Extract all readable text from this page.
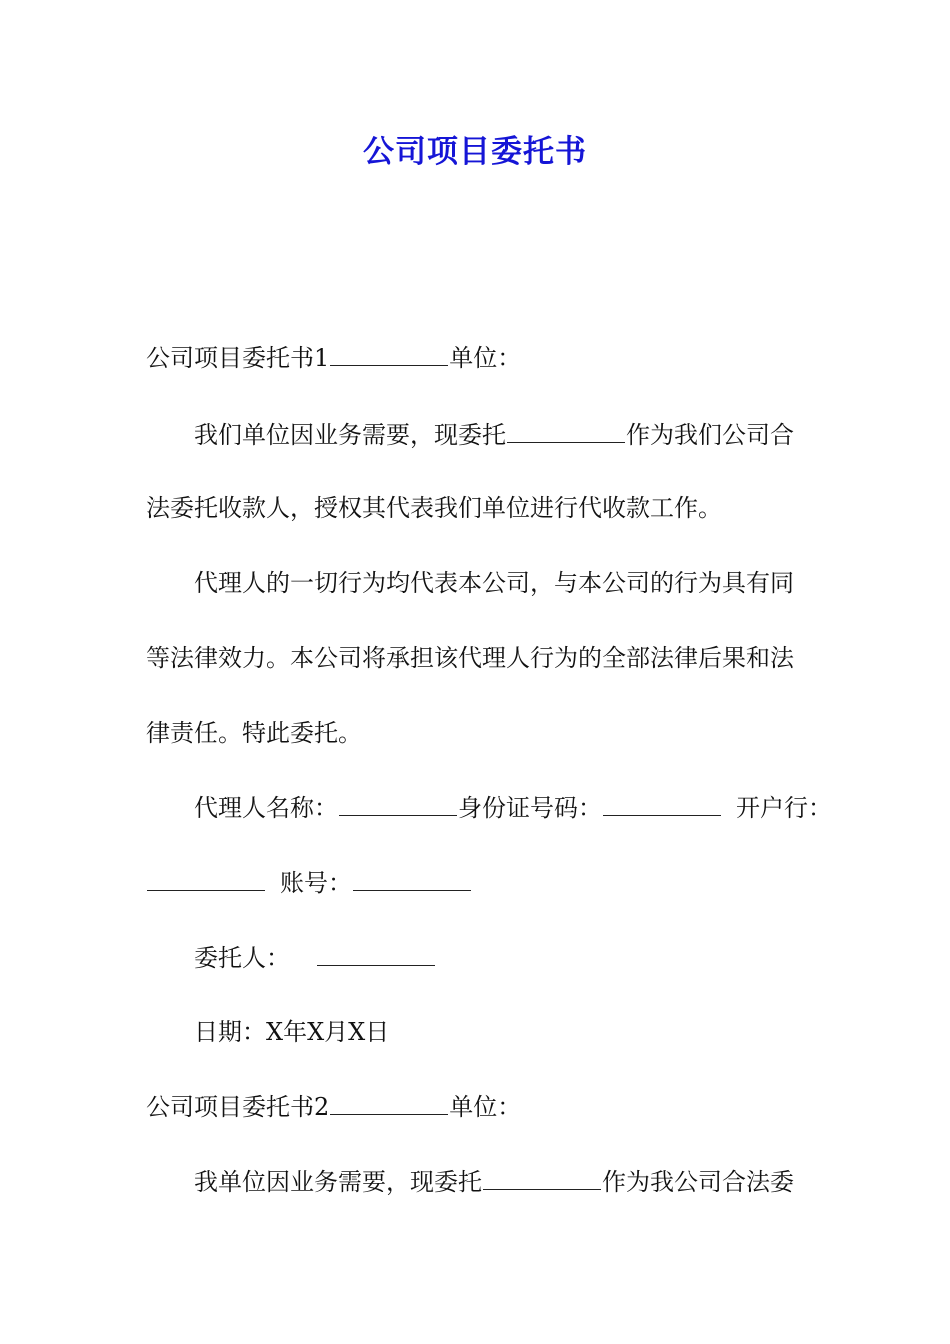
公司项目委托书
公司项目委托书1	单位：
我们单位因业务需要，现委托	作为我们公司合
法委托收款人，授权其代表我们单位进行代收款工作。
代理人的一切行为均代表本公司，与本公司的行为具有同
等法律效力。本公司将承担该代理人行为的全部法律后果和法
律责任。特此委托。
代理人名称：	身份证号码：	开户行：
账号：
委托人：
日期：X年X月X日
公司项目委托书2	单位：
我单位因业务需要，现委托	作为我公司合法委
